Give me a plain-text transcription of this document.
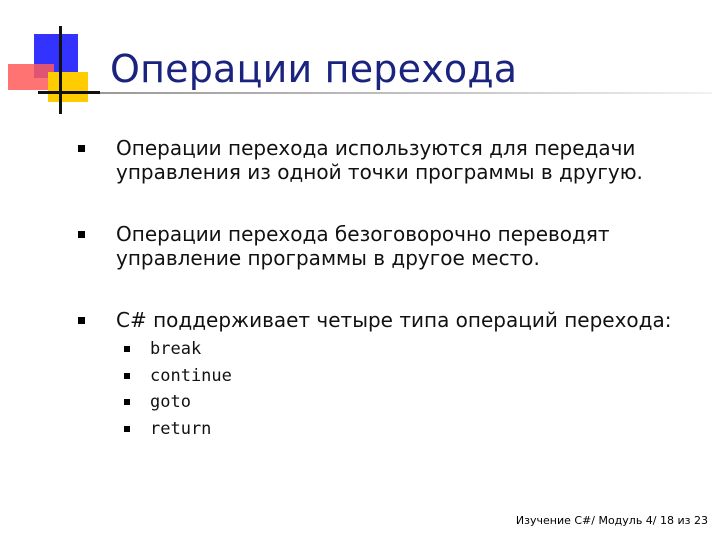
Операции перехода
Операции перехода используются для передачи
управления из одной точки программы в другую.
Операции перехода безоговорочно переводят
управление программы в другое место.
C# поддерживает четыре типа операций перехода:
break
continue
goto
return
Изучение C#/ Модуль 4/ 18 из 23
